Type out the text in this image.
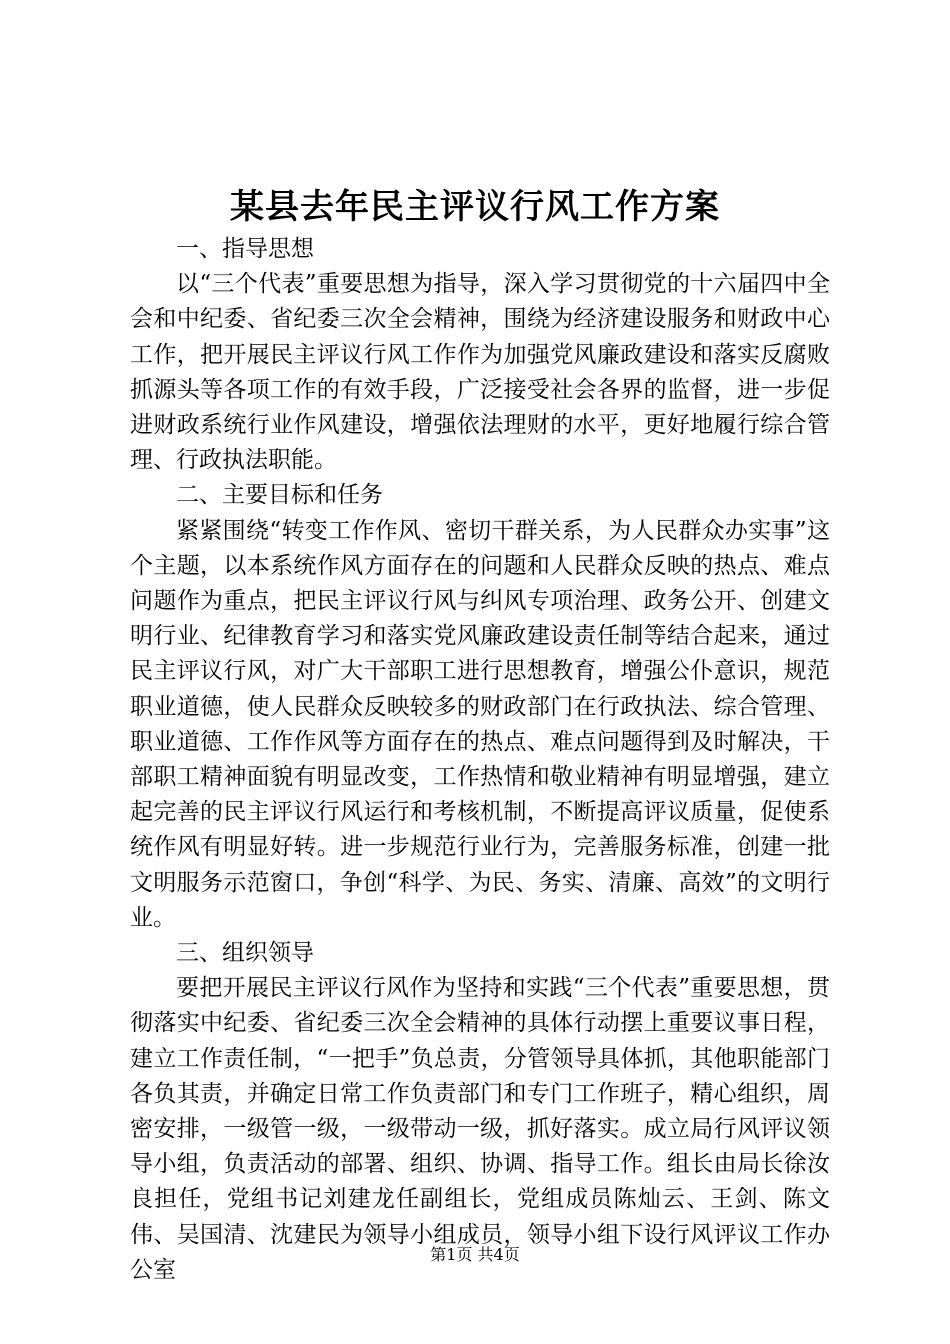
某县去年民主评议行风工作方案

一、指导思想

以“三个代表”重要思想为指导，深入学习贯彻党的十六届四中全会和中纪委、省纪委三次全会精神，围绕为经济建设服务和财政中心工作，把开展民主评议行风工作作为加强党风廉政建设和落实反腐败抓源头等各项工作的有效手段，广泛接受社会各界的监督，进一步促进财政系统行业作风建设，增强依法理财的水平，更好地履行综合管理、行政执法职能。

二、主要目标和任务

紧紧围绕“转变工作作风、密切干群关系，为人民群众办实事”这个主题，以本系统作风方面存在的问题和人民群众反映的热点、难点问题作为重点，把民主评议行风与纠风专项治理、政务公开、创建文明行业、纪律教育学习和落实党风廉政建设责任制等结合起来，通过民主评议行风，对广大干部职工进行思想教育，增强公仆意识，规范职业道德，使人民群众反映较多的财政部门在行政执法、综合管理、职业道德、工作作风等方面存在的热点、难点问题得到及时解决，干部职工精神面貌有明显改变，工作热情和敬业精神有明显增强，建立起完善的民主评议行风运行和考核机制，不断提高评议质量，促使系统作风有明显好转。进一步规范行业行为，完善服务标准，创建一批文明服务示范窗口，争创“科学、为民、务实、清廉、高效”的文明行业。

三、组织领导

要把开展民主评议行风作为坚持和实践“三个代表”重要思想，贯彻落实中纪委、省纪委三次全会精神的具体行动摆上重要议事日程，建立工作责任制，“一把手”负总责，分管领导具体抓，其他职能部门各负其责，并确定日常工作负责部门和专门工作班子，精心组织，周密安排，一级管一级，一级带动一级，抓好落实。成立局行风评议领导小组，负责活动的部署、组织、协调、指导工作。组长由局长徐汝良担任，党组书记刘建龙任副组长，党组成员陈灿云、王剑、陈文伟、吴国清、沈建民为领导小组成员，领导小组下设行风评议工作办公室

第1页 共4页
